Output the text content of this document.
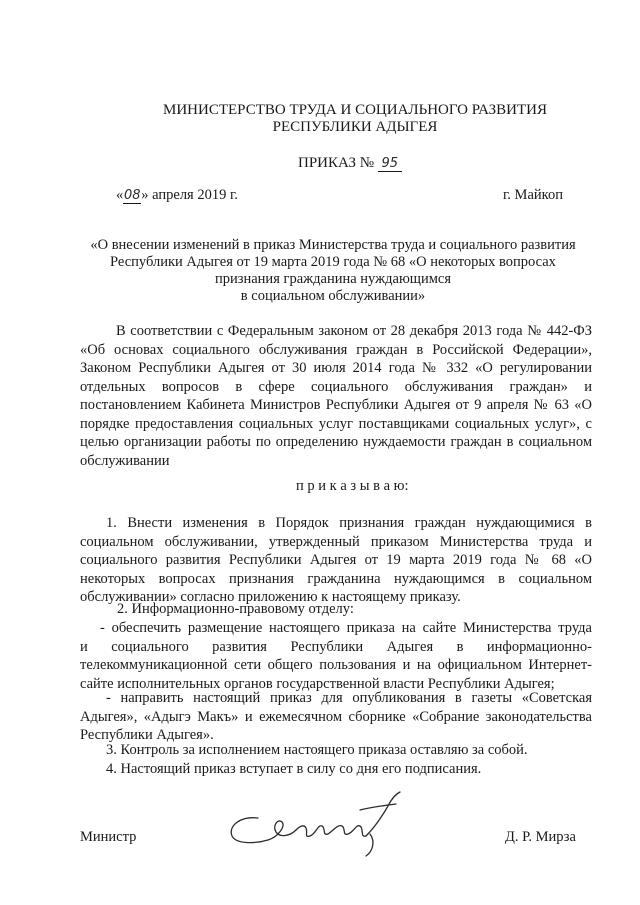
МИНИСТЕРСТВО ТРУДА И СОЦИАЛЬНОГО РАЗВИТИЯ
РЕСПУБЛИКИ АДЫГЕЯ
ПРИКАЗ № 95
«08» апреля 2019 г.	г. Майкоп
«О внесении изменений в приказ Министерства труда и социального развития
Республики Адыгея от 19 марта 2019 года № 68 «О некоторых вопросах
признания гражданина нуждающимся
в социальном обслуживании»
В соответствии с Федеральным законом от 28 декабря 2013 года № 442-ФЗ «Об основах социального обслуживания граждан в Российской Федерации», Законом Республики Адыгея от 30 июля 2014 года № 332 «О регулировании отдельных вопросов в сфере социального обслуживания граждан» и постановлением Кабинета Министров Республики Адыгея от 9 апреля № 63 «О порядке предоставления социальных услуг поставщиками социальных услуг», с целью организации работы по определению нуждаемости граждан в социальном обслуживании
п р и к а з ы в а ю:
1. Внести изменения в Порядок признания граждан нуждающимися в социальном обслуживании, утвержденный приказом Министерства труда и социального развития Республики Адыгея от 19 марта 2019 года № 68 «О некоторых вопросах признания гражданина нуждающимся в социальном обслуживании» согласно приложению к настоящему приказу.
2. Информационно-правовому отделу:
- обеспечить размещение настоящего приказа на сайте Министерства труда
и социального развития Республики Адыгея в информационно-
телекоммуникационной сети общего пользования и на официальном Интернет-
сайте исполнительных органов государственной власти Республики Адыгея;
- направить настоящий приказ для опубликования в газеты «Советская Адыгея», «Адыгэ Макъ» и ежемесячном сборнике «Собрание законодательства Республики Адыгея».
3. Контроль за исполнением настоящего приказа оставляю за собой.
4. Настоящий приказ вступает в силу со дня его подписания.
Министр	Д. Р. Мирза
